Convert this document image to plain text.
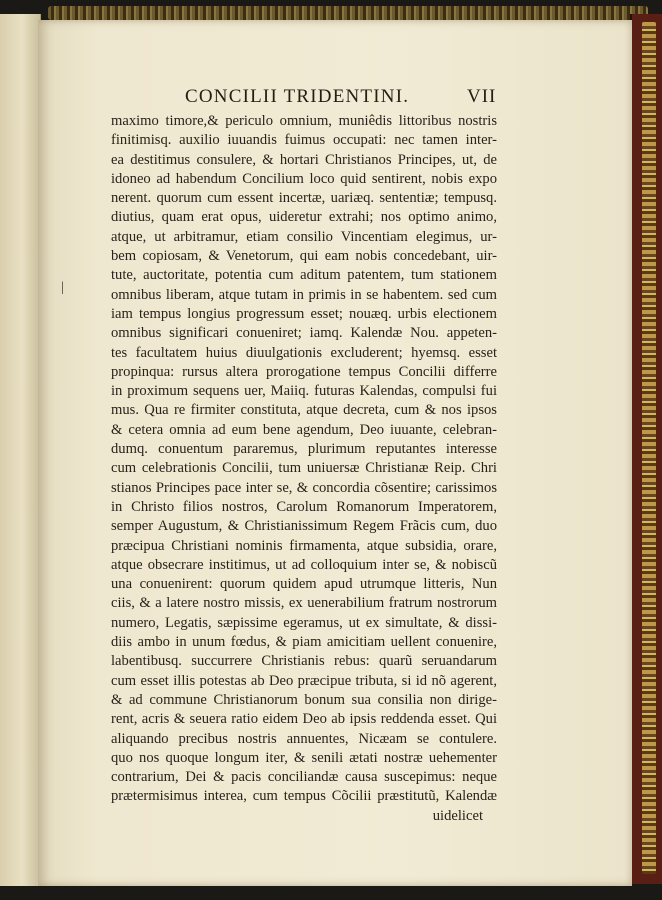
CONCILII TRIDENTINI.	VII
|
maximo timore,& periculo omnium, muniêdis littoribus nostris
finitimisq. auxilio iuuandis fuimus occupati: nec tamen inter-
ea destitimus consulere, & hortari Christianos Principes, ut, de
idoneo ad habendum Concilium loco quid sentirent, nobis expo
nerent. quorum cum essent incertæ, uariæq. sententiæ; tempusq.
diutius, quam erat opus, uideretur extrahi; nos optimo animo,
atque, ut arbitramur, etiam consilio Vincentiam elegimus, ur-
bem copiosam, & Venetorum, qui eam nobis concedebant, uir-
tute, auctoritate, potentia cum aditum patentem, tum stationem
omnibus liberam, atque tutam in primis in se habentem. sed cum
iam tempus longius progressum esset; nouæq. urbis electionem
omnibus significari conueniret; iamq. Kalendæ Nou. appeten-
tes facultatem huius diuulgationis excluderent; hyemsq. esset
propinqua: rursus altera prorogatione tempus Concilii differre
in proximum sequens uer, Maiiq. futuras Kalendas, compulsi fui
mus. Qua re firmiter constituta, atque decreta, cum & nos ipsos
& cetera omnia ad eum bene agendum, Deo iuuante, celebran-
dumq. conuentum pararemus, plurimum reputantes interesse
cum celebrationis Concilii, tum uniuersæ Christianæ Reip. Chri
stianos Principes pace inter se, & concordia cõsentire; carissimos
in Christo filios nostros, Carolum Romanorum Imperatorem,
semper Augustum, & Christianissimum Regem Frãcis cum, duo
præcipua Christiani nominis firmamenta, atque subsidia, orare,
atque obsecrare institimus, ut ad colloquium inter se, & nobiscũ
una conuenirent: quorum quidem apud utrumque litteris, Nun
ciis, & a latere nostro missis, ex uenerabilium fratrum nostrorum
numero, Legatis, sæpissime egeramus, ut ex simultate, & dissi-
diis ambo in unum fœdus, & piam amicitiam uellent conuenire,
labentibusq. succurrere Christianis rebus: quarũ seruandarum
cum esset illis potestas ab Deo præcipue tributa, si id nõ agerent,
& ad commune Christianorum bonum sua consilia non dirige-
rent, acris & seuera ratio eidem Deo ab ipsis reddenda esset. Qui
aliquando precibus nostris annuentes, Nicæam se contulere.
quo nos quoque longum iter, & senili ætati nostræ uehementer
contrarium, Dei & pacis conciliandæ causa suscepimus: neque
prætermisimus interea, cum tempus Cõcilii præstitutũ, Kalendæ
uidelicet
